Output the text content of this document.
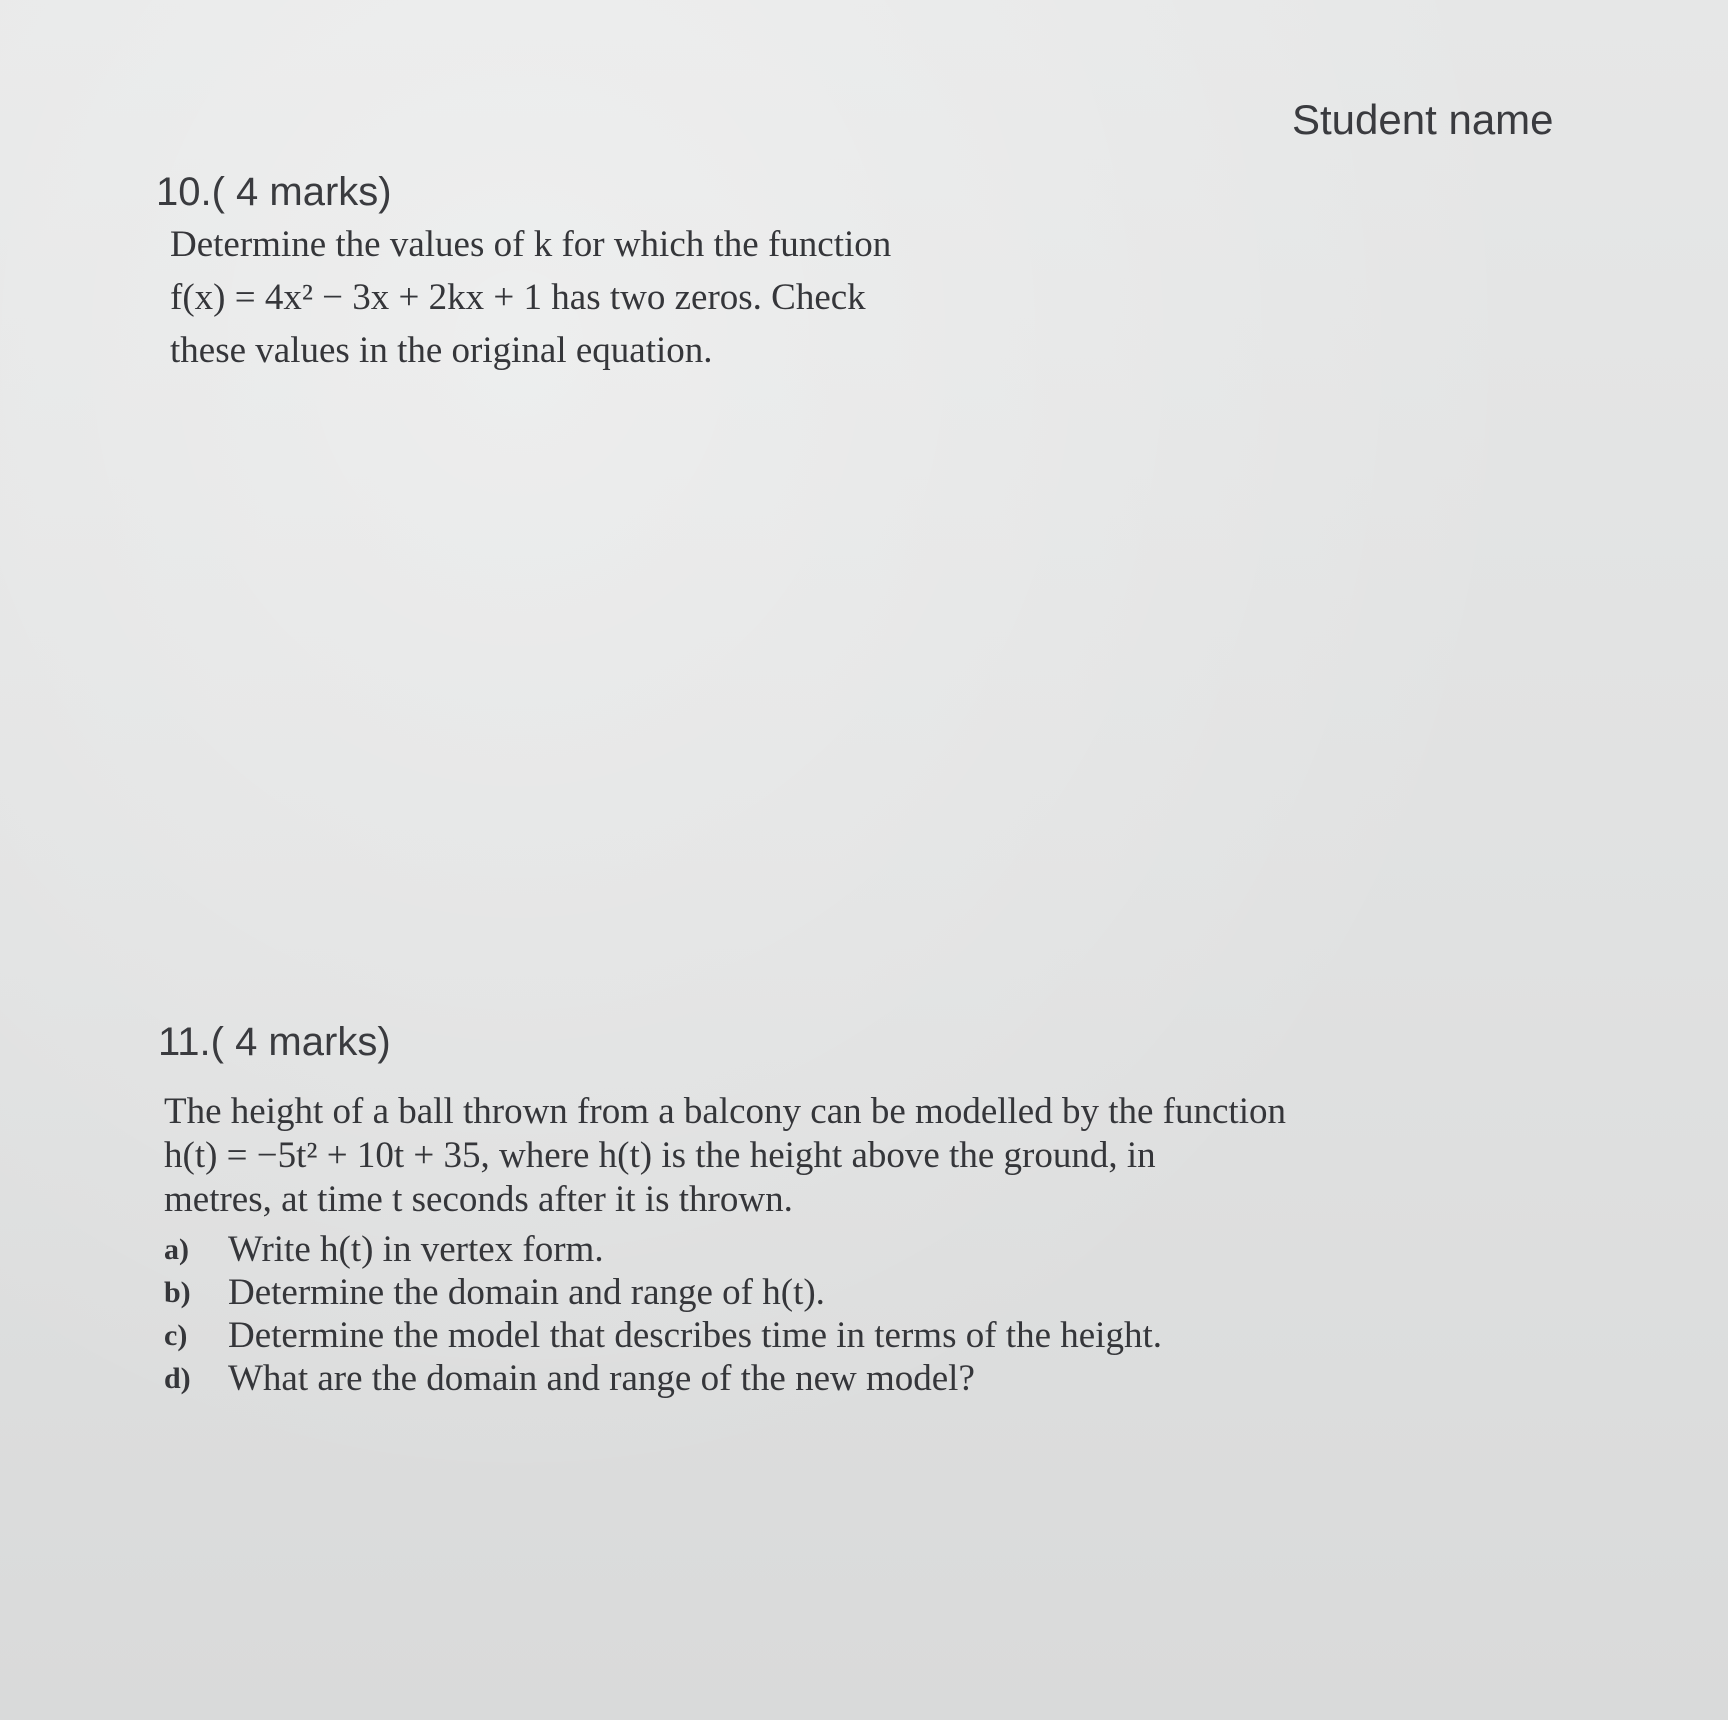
Student name
10.( 4 marks)
Determine the values of k for which the function
f(x) = 4x² − 3x + 2kx + 1 has two zeros. Check
these values in the original equation.
11.( 4 marks)
The height of a ball thrown from a balcony can be modelled by the function
h(t) = −5t² + 10t + 35, where h(t) is the height above the ground, in
metres, at time t seconds after it is thrown.
a)	Write h(t) in vertex form.
b)	Determine the domain and range of h(t).
c)	Determine the model that describes time in terms of the height.
d)	What are the domain and range of the new model?
